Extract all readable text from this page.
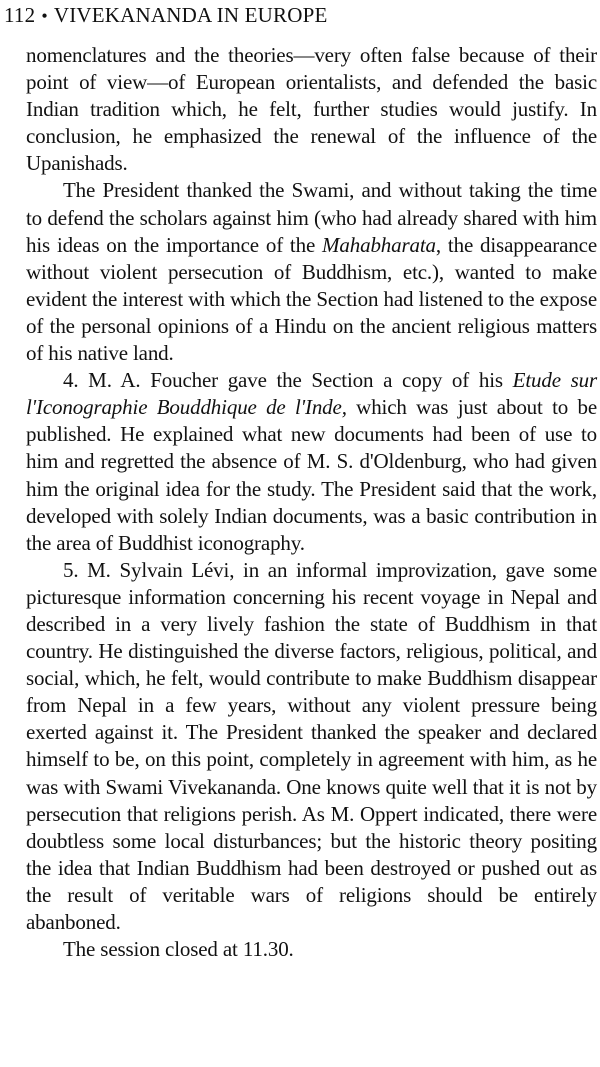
112 • VIVEKANANDA IN EUROPE

nomenclatures and the theories—very often false because of their point of view—of European orientalists, and defended the basic Indian tradition which, he felt, further studies would justify. In conclusion, he emphasized the renewal of the influence of the Upanishads.

The President thanked the Swami, and without taking the time to defend the scholars against him (who had already shared with him his ideas on the importance of the Mahabharata, the disappearance without violent persecution of Buddhism, etc.), wanted to make evident the interest with which the Section had listened to the expose of the personal opinions of a Hindu on the ancient religious matters of his native land.

4. M. A. Foucher gave the Section a copy of his Etude sur l'Iconographie Bouddhique de l'Inde, which was just about to be published. He explained what new documents had been of use to him and regretted the absence of M. S. d'Oldenburg, who had given him the original idea for the study. The President said that the work, developed with solely Indian documents, was a basic contribution in the area of Buddhist iconography.

5. M. Sylvain Lévi, in an informal improvization, gave some picturesque information concerning his recent voyage in Nepal and described in a very lively fashion the state of Buddhism in that country. He distinguished the diverse factors, religious, political, and social, which, he felt, would contribute to make Buddhism disappear from Nepal in a few years, without any violent pressure being exerted against it. The President thanked the speaker and declared himself to be, on this point, completely in agreement with him, as he was with Swami Vivekananda. One knows quite well that it is not by persecution that religions perish. As M. Oppert indicated, there were doubtless some local disturbances; but the historic theory positing the idea that Indian Buddhism had been destroyed or pushed out as the result of veritable wars of religions should be entirely abanboned.

The session closed at 11.30.
